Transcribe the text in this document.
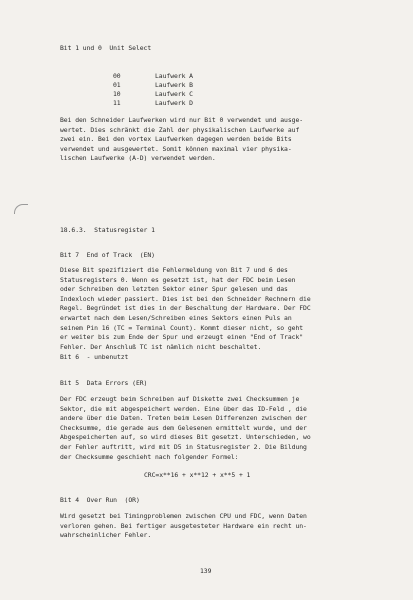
Bit 1 und 0  Unit Select
00	Laufwerk A
01	Laufwerk B
10	Laufwerk C
11	Laufwerk D
Bei den Schneider Laufwerken wird nur Bit 0 verwendet und ausge-
wertet. Dies schränkt die Zahl der physikalischen Laufwerke auf
zwei ein. Bei den vortex Laufwerken dagegen werden beide Bits
verwendet und ausgewertet. Somit können maximal vier physika-
lischen Laufwerke (A-D) verwendet werden.
18.6.3.  Statusregister 1
Bit 7  End of Track  (EN)
Diese Bit spezifiziert die Fehlermeldung von Bit 7 und 6 des
Statusregisters 0. Wenn es gesetzt ist, hat der FDC beim Lesen
oder Schreiben den letzten Sektor einer Spur gelesen und das
Indexloch wieder passiert. Dies ist bei den Schneider Rechnern die
Regel. Begründet ist dies in der Beschaltung der Hardware. Der FDC
erwartet nach dem Lesen/Schreiben eines Sektors einen Puls an
seinem Pin 16 (TC = Terminal Count). Kommt dieser nicht, so geht
er weiter bis zum Ende der Spur und erzeugt einen "End of Track"
Fehler. Der Anschluß TC ist nämlich nicht beschaltet.
Bit 6  - unbenutzt
Bit 5  Data Errors (ER)
Der FDC erzeugt beim Schreiben auf Diskette zwei Checksummen je
Sektor, die mit abgespeichert werden. Eine über das ID-Feld , die
andere über die Daten. Treten beim Lesen Differenzen zwischen der
Checksumme, die gerade aus dem Gelesenen ermittelt wurde, und der
Abgespeicherten auf, so wird dieses Bit gesetzt. Unterschieden, wo
der Fehler auftritt, wird mit D5 in Statusregister 2. Die Bildung
der Checksumme geschieht nach folgender Formel:
CRC=x**16 + x**12 + x**5 + 1
Bit 4  Over Run  (OR)
Wird gesetzt bei Timingproblemen zwischen CPU und FDC, wenn Daten
verloren gehen. Bei fertiger ausgetesteter Hardware ein recht un-
wahrscheinlicher Fehler.
139
